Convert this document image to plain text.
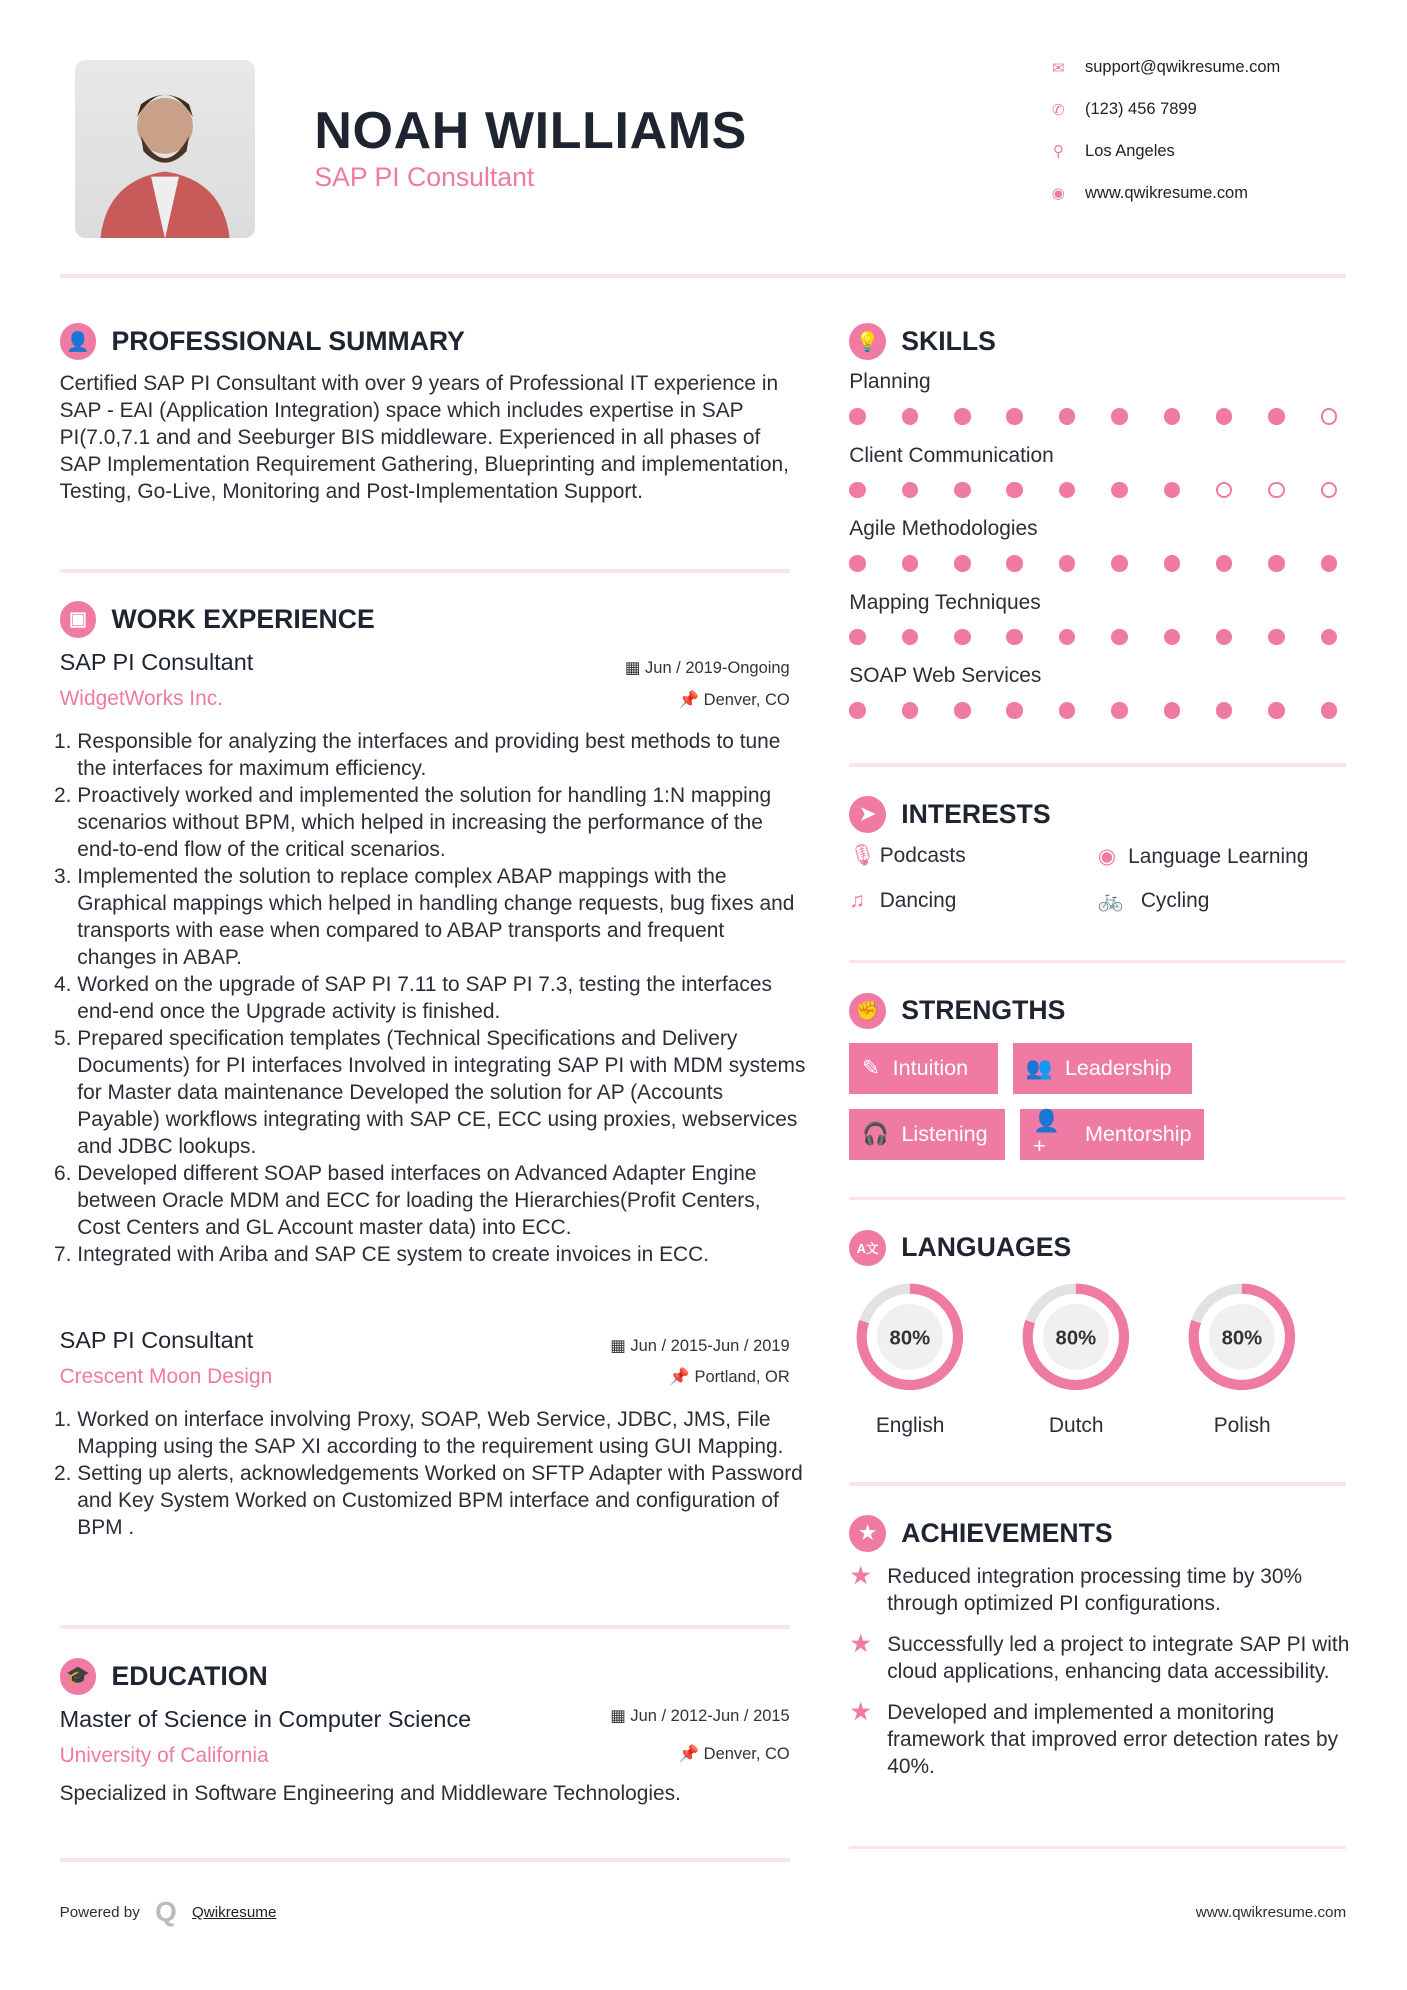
NOAH WILLIAMS
SAP PI Consultant
✉ support@qwikresume.com
✆ (123) 456 7899
⚲ Los Angeles
◉ www.qwikresume.com
👤	PROFESSIONAL SUMMARY
Certified SAP PI Consultant with over 9 years of Professional IT experience in SAP - EAI (Application Integration) space which includes expertise in SAP PI(7.0,7.1 and and Seeburger BIS middleware. Experienced in all phases of SAP Implementation Requirement Gathering, Blueprinting and implementation, Testing, Go-Live, Monitoring and Post-Implementation Support.
▣	WORK EXPERIENCE
SAP PI Consultant
WidgetWorks Inc.
▦ Jun / 2019-Ongoing
📌 Denver, CO
1. Responsible for analyzing the interfaces and providing best methods to tune the interfaces for maximum efficiency.
2. Proactively worked and implemented the solution for handling 1:N mapping scenarios without BPM, which helped in increasing the performance of the end-to-end flow of the critical scenarios.
3. Implemented the solution to replace complex ABAP mappings with the Graphical mappings which helped in handling change requests, bug fixes and transports with ease when compared to ABAP transports and frequent changes in ABAP.
4. Worked on the upgrade of SAP PI 7.11 to SAP PI 7.3, testing the interfaces end-end once the Upgrade activity is finished.
5. Prepared specification templates (Technical Specifications and Delivery Documents) for PI interfaces Involved in integrating SAP PI with MDM systems for Master data maintenance Developed the solution for AP (Accounts Payable) workflows integrating with SAP CE, ECC using proxies, webservices and JDBC lookups.
6. Developed different SOAP based interfaces on Advanced Adapter Engine between Oracle MDM and ECC for loading the Hierarchies(Profit Centers, Cost Centers and GL Account master data) into ECC.
7. Integrated with Ariba and SAP CE system to create invoices in ECC.
SAP PI Consultant
Crescent Moon Design
▦ Jun / 2015-Jun / 2019
📌 Portland, OR
1. Worked on interface involving Proxy, SOAP, Web Service, JDBC, JMS, File Mapping using the SAP XI according to the requirement using GUI Mapping.
2. Setting up alerts, acknowledgements Worked on SFTP Adapter with Password and Key System Worked on Customized BPM interface and configuration of BPM .
🎓	EDUCATION
Master of Science in Computer Science
University of California
▦ Jun / 2012-Jun / 2015
📌 Denver, CO
Specialized in Software Engineering and Middleware Technologies.
💡	SKILLS
Planning
Client Communication
Agile Methodologies
Mapping Techniques
SOAP Web Services
➤	INTERESTS
🎙 Podcasts	◉ Language Learning
♫ Dancing	🚲	Cycling
✊	STRENGTHS
✎ Intuition	👥 Leadership
🎧 Listening
👤+
Mentorship
A文	LANGUAGES
80%
English
80%
Dutch
80%
Polish
★	ACHIEVEMENTS
★ Reduced integration processing time by 30% through optimized PI configurations.
★ Successfully led a project to integrate SAP PI with cloud applications, enhancing data accessibility.
★ Developed and implemented a monitoring framework that improved error detection rates by 40%.
Powered by Q Qwikresume	www.qwikresume.com
